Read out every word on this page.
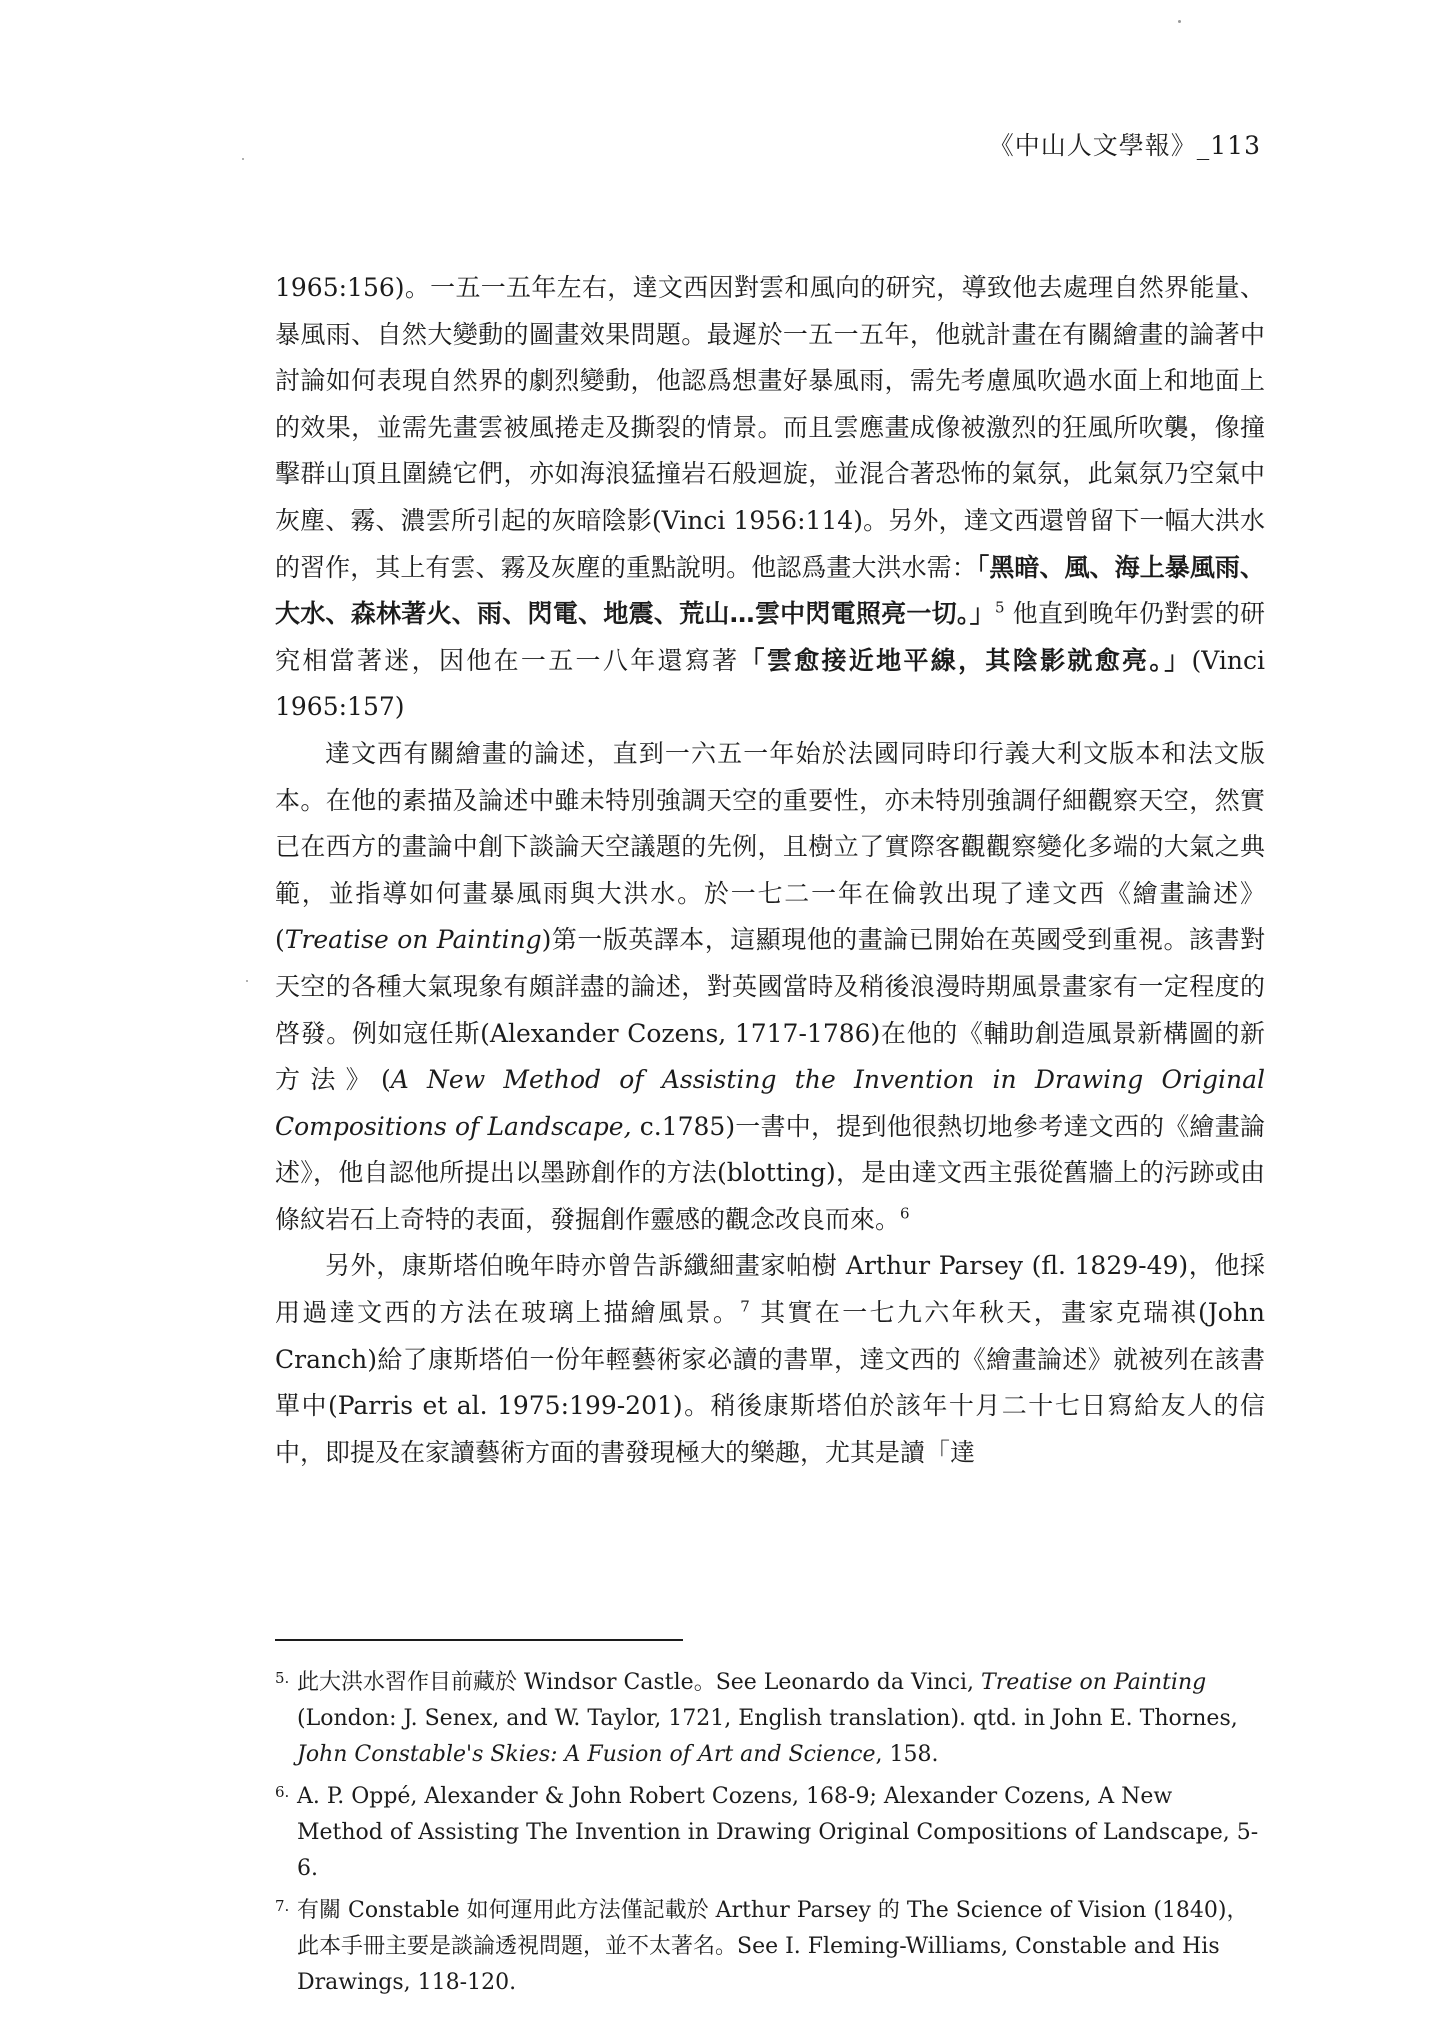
《中山人文學報》_113

1965:156)。一五一五年左右，達文西因對雲和風向的研究，導致他去處理自然界能量、暴風雨、自然大變動的圖畫效果問題。最遲於一五一五年，他就計畫在有關繪畫的論著中討論如何表現自然界的劇烈變動，他認爲想畫好暴風雨，需先考慮風吹過水面上和地面上的效果，並需先畫雲被風捲走及撕裂的情景。而且雲應畫成像被激烈的狂風所吹襲，像撞擊群山頂且圍繞它們，亦如海浪猛撞岩石般迴旋，並混合著恐怖的氣氛，此氣氛乃空氣中灰塵、霧、濃雲所引起的灰暗陰影(Vinci 1956:114)。另外，達文西還曾留下一幅大洪水的習作，其上有雲、霧及灰塵的重點說明。他認爲畫大洪水需：「黑暗、風、海上暴風雨、大水、森林著火、雨、閃電、地震、荒山…雲中閃電照亮一切。」$^5$ 他直到晚年仍對雲的研究相當著迷，因他在一五一八年還寫著「雲愈接近地平線，其陰影就愈亮。」(Vinci 1965:157)

達文西有關繪畫的論述，直到一六五一年始於法國同時印行義大利文版本和法文版本。在他的素描及論述中雖未特別強調天空的重要性，亦未特別強調仔細觀察天空，然實已在西方的畫論中創下談論天空議題的先例，且樹立了實際客觀觀察變化多端的大氣之典範，並指導如何畫暴風雨與大洪水。於一七二一年在倫敦出現了達文西《繪畫論述》(Treatise on Painting)第一版英譯本，這顯現他的畫論已開始在英國受到重視。該書對天空的各種大氣現象有頗詳盡的論述，對英國當時及稍後浪漫時期風景畫家有一定程度的啓發。例如寇任斯(Alexander Cozens, 1717-1786)在他的《輔助創造風景新構圖的新方法》(A New Method of Assisting the Invention in Drawing Original Compositions of Landscape, c.1785)一書中，提到他很熱切地參考達文西的《繪畫論述》，他自認他所提出以墨跡創作的方法(blotting)，是由達文西主張從舊牆上的污跡或由條紋岩石上奇特的表面，發掘創作靈感的觀念改良而來。$^6$

另外，康斯塔伯晚年時亦曾告訴纖細畫家帕樹 Arthur Parsey (fl. 1829-49)，他採用過達文西的方法在玻璃上描繪風景。$^7$ 其實在一七九六年秋天，畫家克瑞祺(John Cranch)給了康斯塔伯一份年輕藝術家必讀的書單，達文西的《繪畫論述》就被列在該書單中(Parris et al. 1975:199-201)。稍後康斯塔伯於該年十月二十七日寫給友人的信中，即提及在家讀藝術方面的書發現極大的樂趣，尤其是讀「達

5. 此大洪水習作目前藏於 Windsor Castle。See Leonardo da Vinci, Treatise on Painting (London: J. Senex, and W. Taylor, 1721, English translation). qtd. in John E. Thornes, John Constable's Skies: A Fusion of Art and Science, 158.
6. A. P. Oppé, Alexander & John Robert Cozens, 168-9; Alexander Cozens, A New Method of Assisting The Invention in Drawing Original Compositions of Landscape, 5-6.
7. 有關 Constable 如何運用此方法僅記載於 Arthur Parsey 的 The Science of Vision (1840)，此本手冊主要是談論透視問題，並不太著名。See I. Fleming-Williams, Constable and His Drawings, 118-120.
